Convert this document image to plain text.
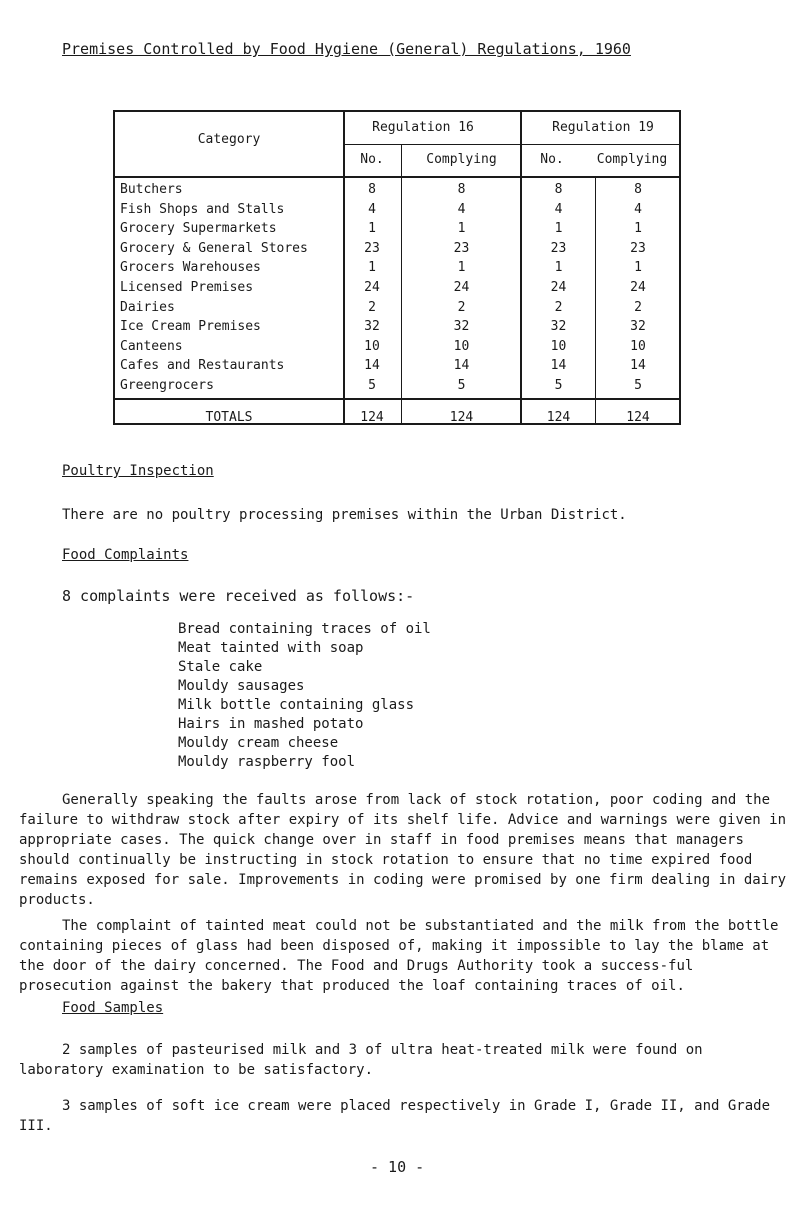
Premises Controlled by Food Hygiene (General) Regulations, 1960
Category
Regulation 16	Regulation 19
No.	Complying	No.	Complying
Butchers	8	8	8	8
Fish Shops and Stalls	4	4	4	4
Grocery Supermarkets	1	1	1	1
Grocery & General Stores	23	23	23	23
Grocers Warehouses	1	1	1	1
Licensed Premises	24	24	24	24
Dairies	2	2	2	2
Ice Cream Premises	32	32	32	32
Canteens	10	10	10	10
Cafes and Restaurants	14	14	14	14
Greengrocers	5	5	5	5
TOTALS	124	124	124	124
Poultry Inspection
There are no poultry processing premises within the Urban District.
Food Complaints
8 complaints were received as follows:-
Bread containing traces of oil
Meat tainted with soap
Stale cake
Mouldy sausages
Milk bottle containing glass
Hairs in mashed potato
Mouldy cream cheese
Mouldy raspberry fool
Generally speaking the faults arose from lack of stock rotation, poor coding and the failure to withdraw stock after expiry of its shelf life. Advice and warnings were given in appropriate cases. The quick change over in staff in food premises means that managers should continually be instructing in stock rotation to ensure that no time expired food remains exposed for sale. Improvements in coding were promised by one firm dealing in dairy products.
The complaint of tainted meat could not be substantiated and the milk from the bottle containing pieces of glass had been disposed of, making it impossible to lay the blame at the door of the dairy concerned. The Food and Drugs Authority took a success-ful prosecution against the bakery that produced the loaf containing traces of oil.
Food Samples
2 samples of pasteurised milk and 3 of ultra heat-treated milk were found on laboratory examination to be satisfactory.
3 samples of soft ice cream were placed respectively in Grade I, Grade II, and Grade III.
- 10 -
